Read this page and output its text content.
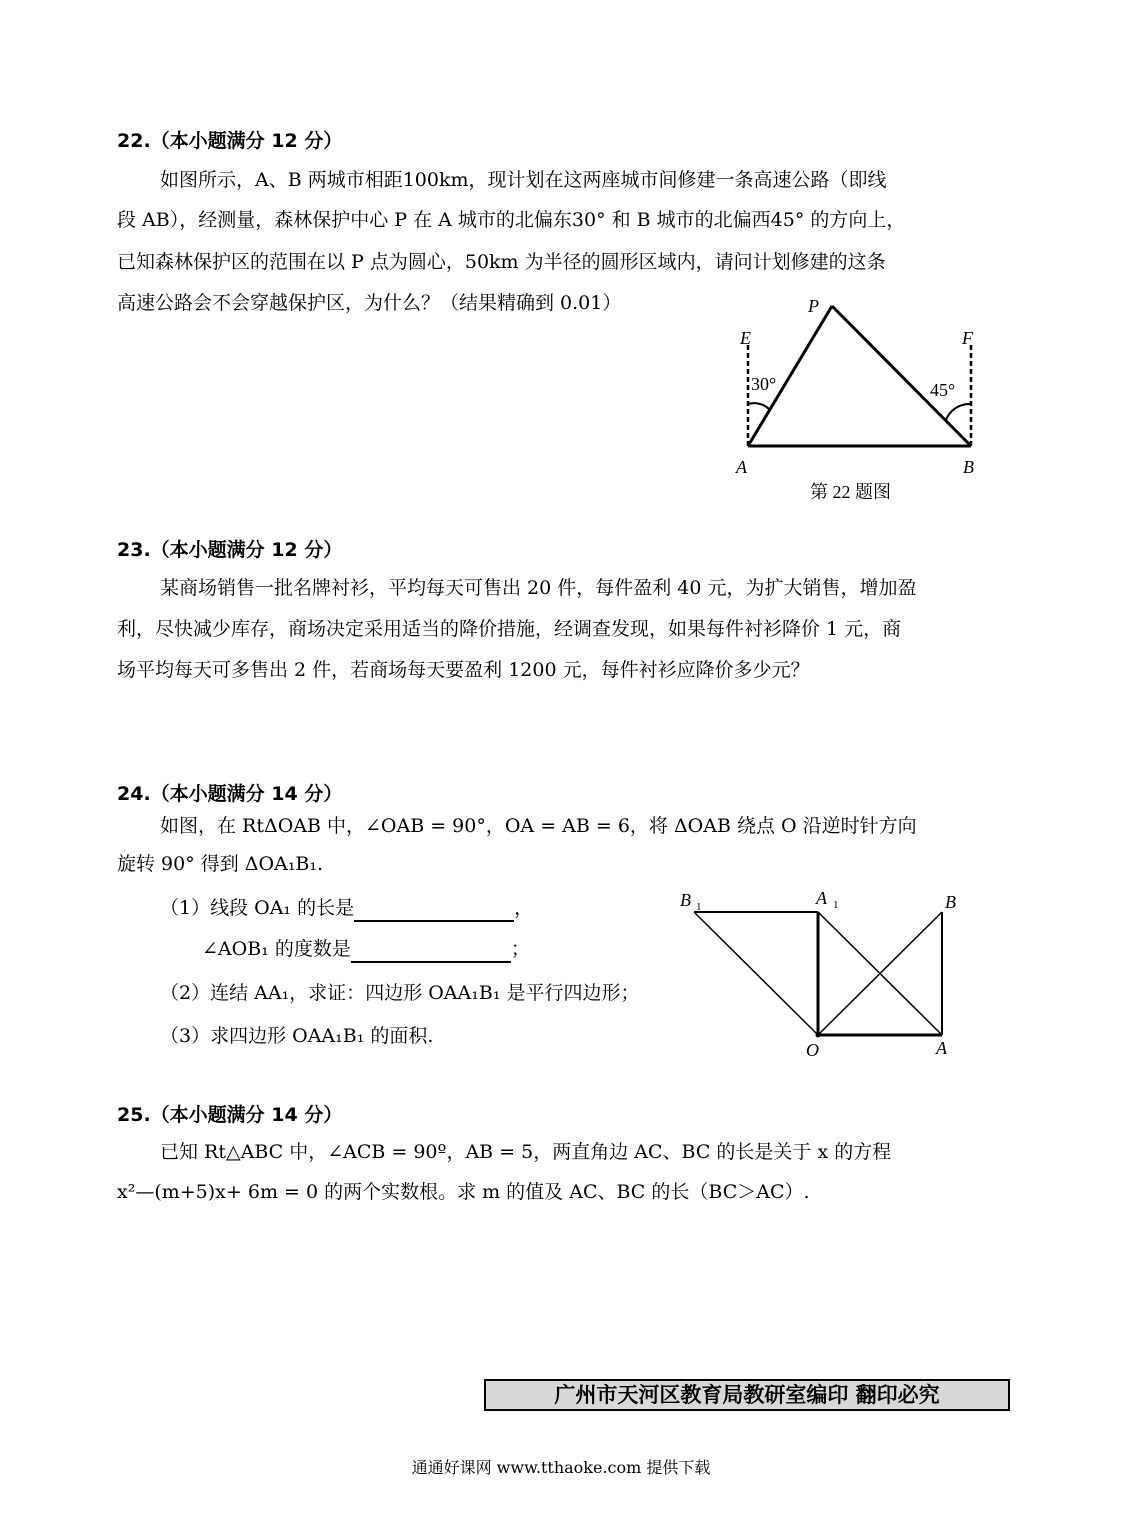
22.（本小题满分 12 分）
如图所示，A、B 两城市相距100km，现计划在这两座城市间修建一条高速公路（即线
段 AB），经测量，森林保护中心 P 在 A 城市的北偏东30° 和 B 城市的北偏西45° 的方向上，
已知森林保护区的范围在以 P 点为圆心，50km 为半径的圆形区域内，请问计划修建的这条
高速公路会不会穿越保护区，为什么？（结果精确到 0.01）	P
E	F
A	B
30°	45°
第 22 题图
23.（本小题满分 12 分）
某商场销售一批名牌衬衫，平均每天可售出 20 件，每件盈利 40 元，为扩大销售，增加盈
利，尽快减少库存，商场决定采用适当的降价措施，经调查发现，如果每件衬衫降价 1 元，商
场平均每天可多售出 2 件，若商场每天要盈利 1200 元，每件衬衫应降价多少元？
24.（本小题满分 14 分）
如图，在 RtΔOAB 中，∠OAB = 90°，OA = AB = 6，将 ΔOAB 绕点 O 沿逆时针方向
旋转 90° 得到 ΔOA₁B₁.
（1）线段 OA₁ 的长是	，
∠AOB₁ 的度数是	；
（2）连结 AA₁，求证：四边形 OAA₁B₁ 是平行四边形；
（3）求四边形 OAA₁B₁ 的面积.
B 1	A 1	B
O	A
25.（本小题满分 14 分）
已知 Rt△ABC 中，∠ACB = 90º，AB = 5，两直角边 AC、BC 的长是关于 x 的方程
x²—(m+5)x+ 6m = 0 的两个实数根。求 m 的值及 AC、BC 的长（BC＞AC）.
广州市天河区教育局教研室编印 翻印必究
通通好课网 www.tthaoke.com 提供下载
